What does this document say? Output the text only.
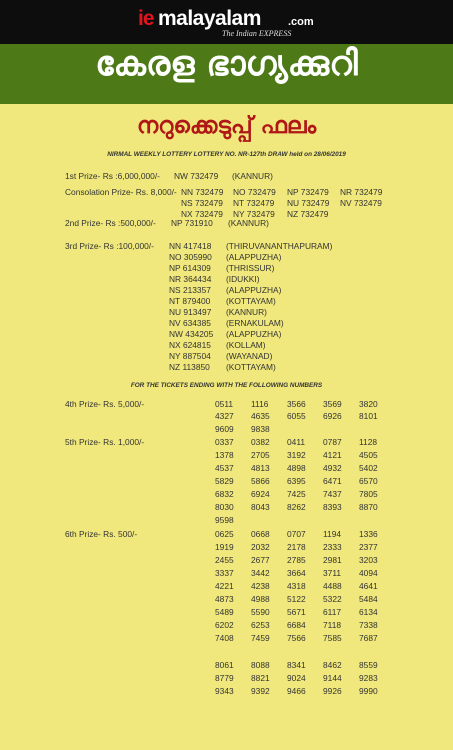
ie malayalam .com
The Indian EXPRESS
കേരള ഭാഗ്യക്കുറി
നറുക്കെടുപ്പ് ഫലം
NIRMAL WEEKLY LOTTERY LOTTERY NO. NR-127th DRAW held on 28/06/2019
1st Prize- Rs :6,000,000/- NW 732479 (KANNUR)
Consolation Prize- Rs. 8,000/- NN 732479 NO 732479 NP 732479 NR 732479
NS 732479 NT 732479 NU 732479 NV 732479
NX 732479 NY 732479 NZ 732479
2nd Prize- Rs :500,000/- NP 731910 (KANNUR)
3rd Prize- Rs :100,000/- NN 417418 (THIRUVANANTHAPURAM)
NO 305990 (ALAPPUZHA)
NP 614309 (THRISSUR)
NR 364434 (IDUKKI)
NS 213357 (ALAPPUZHA)
NT 879400 (KOTTAYAM)
NU 913497 (KANNUR)
NV 634385 (ERNAKULAM)
NW 434205 (ALAPPUZHA)
NX 624815 (KOLLAM)
NY 887504 (WAYANAD)
NZ 113850 (KOTTAYAM)
FOR THE TICKETS ENDING WITH THE FOLLOWING NUMBERS
4th Prize- Rs. 5,000/-	0511 1116 3566 3569 3820
4327 4635 6055 6926 8101
9609 9838
5th Prize- Rs. 1,000/-	0337 0382 0411 0787 1128
1378 2705 3192 4121 4505
4537 4813 4898 4932 5402
5829 5866 6395 6471 6570
6832 6924 7425 7437 7805
8030 8043 8262 8393 8870
9598
6th Prize- Rs. 500/-	0625 0668 0707 1194 1336
1919 2032 2178 2333 2377
2455 2677 2785 2981 3203
3337 3442 3664 3711 4094
4221 4238 4318 4488 4641
4873 4988 5122 5322 5484
5489 5590 5671 6117 6134
6202 6253 6684 7118 7338
7408 7459 7566 7585 7687
8061 8088 8341 8462 8559
8779 8821 9024 9144 9283
9343 9392 9466 9926 9990
